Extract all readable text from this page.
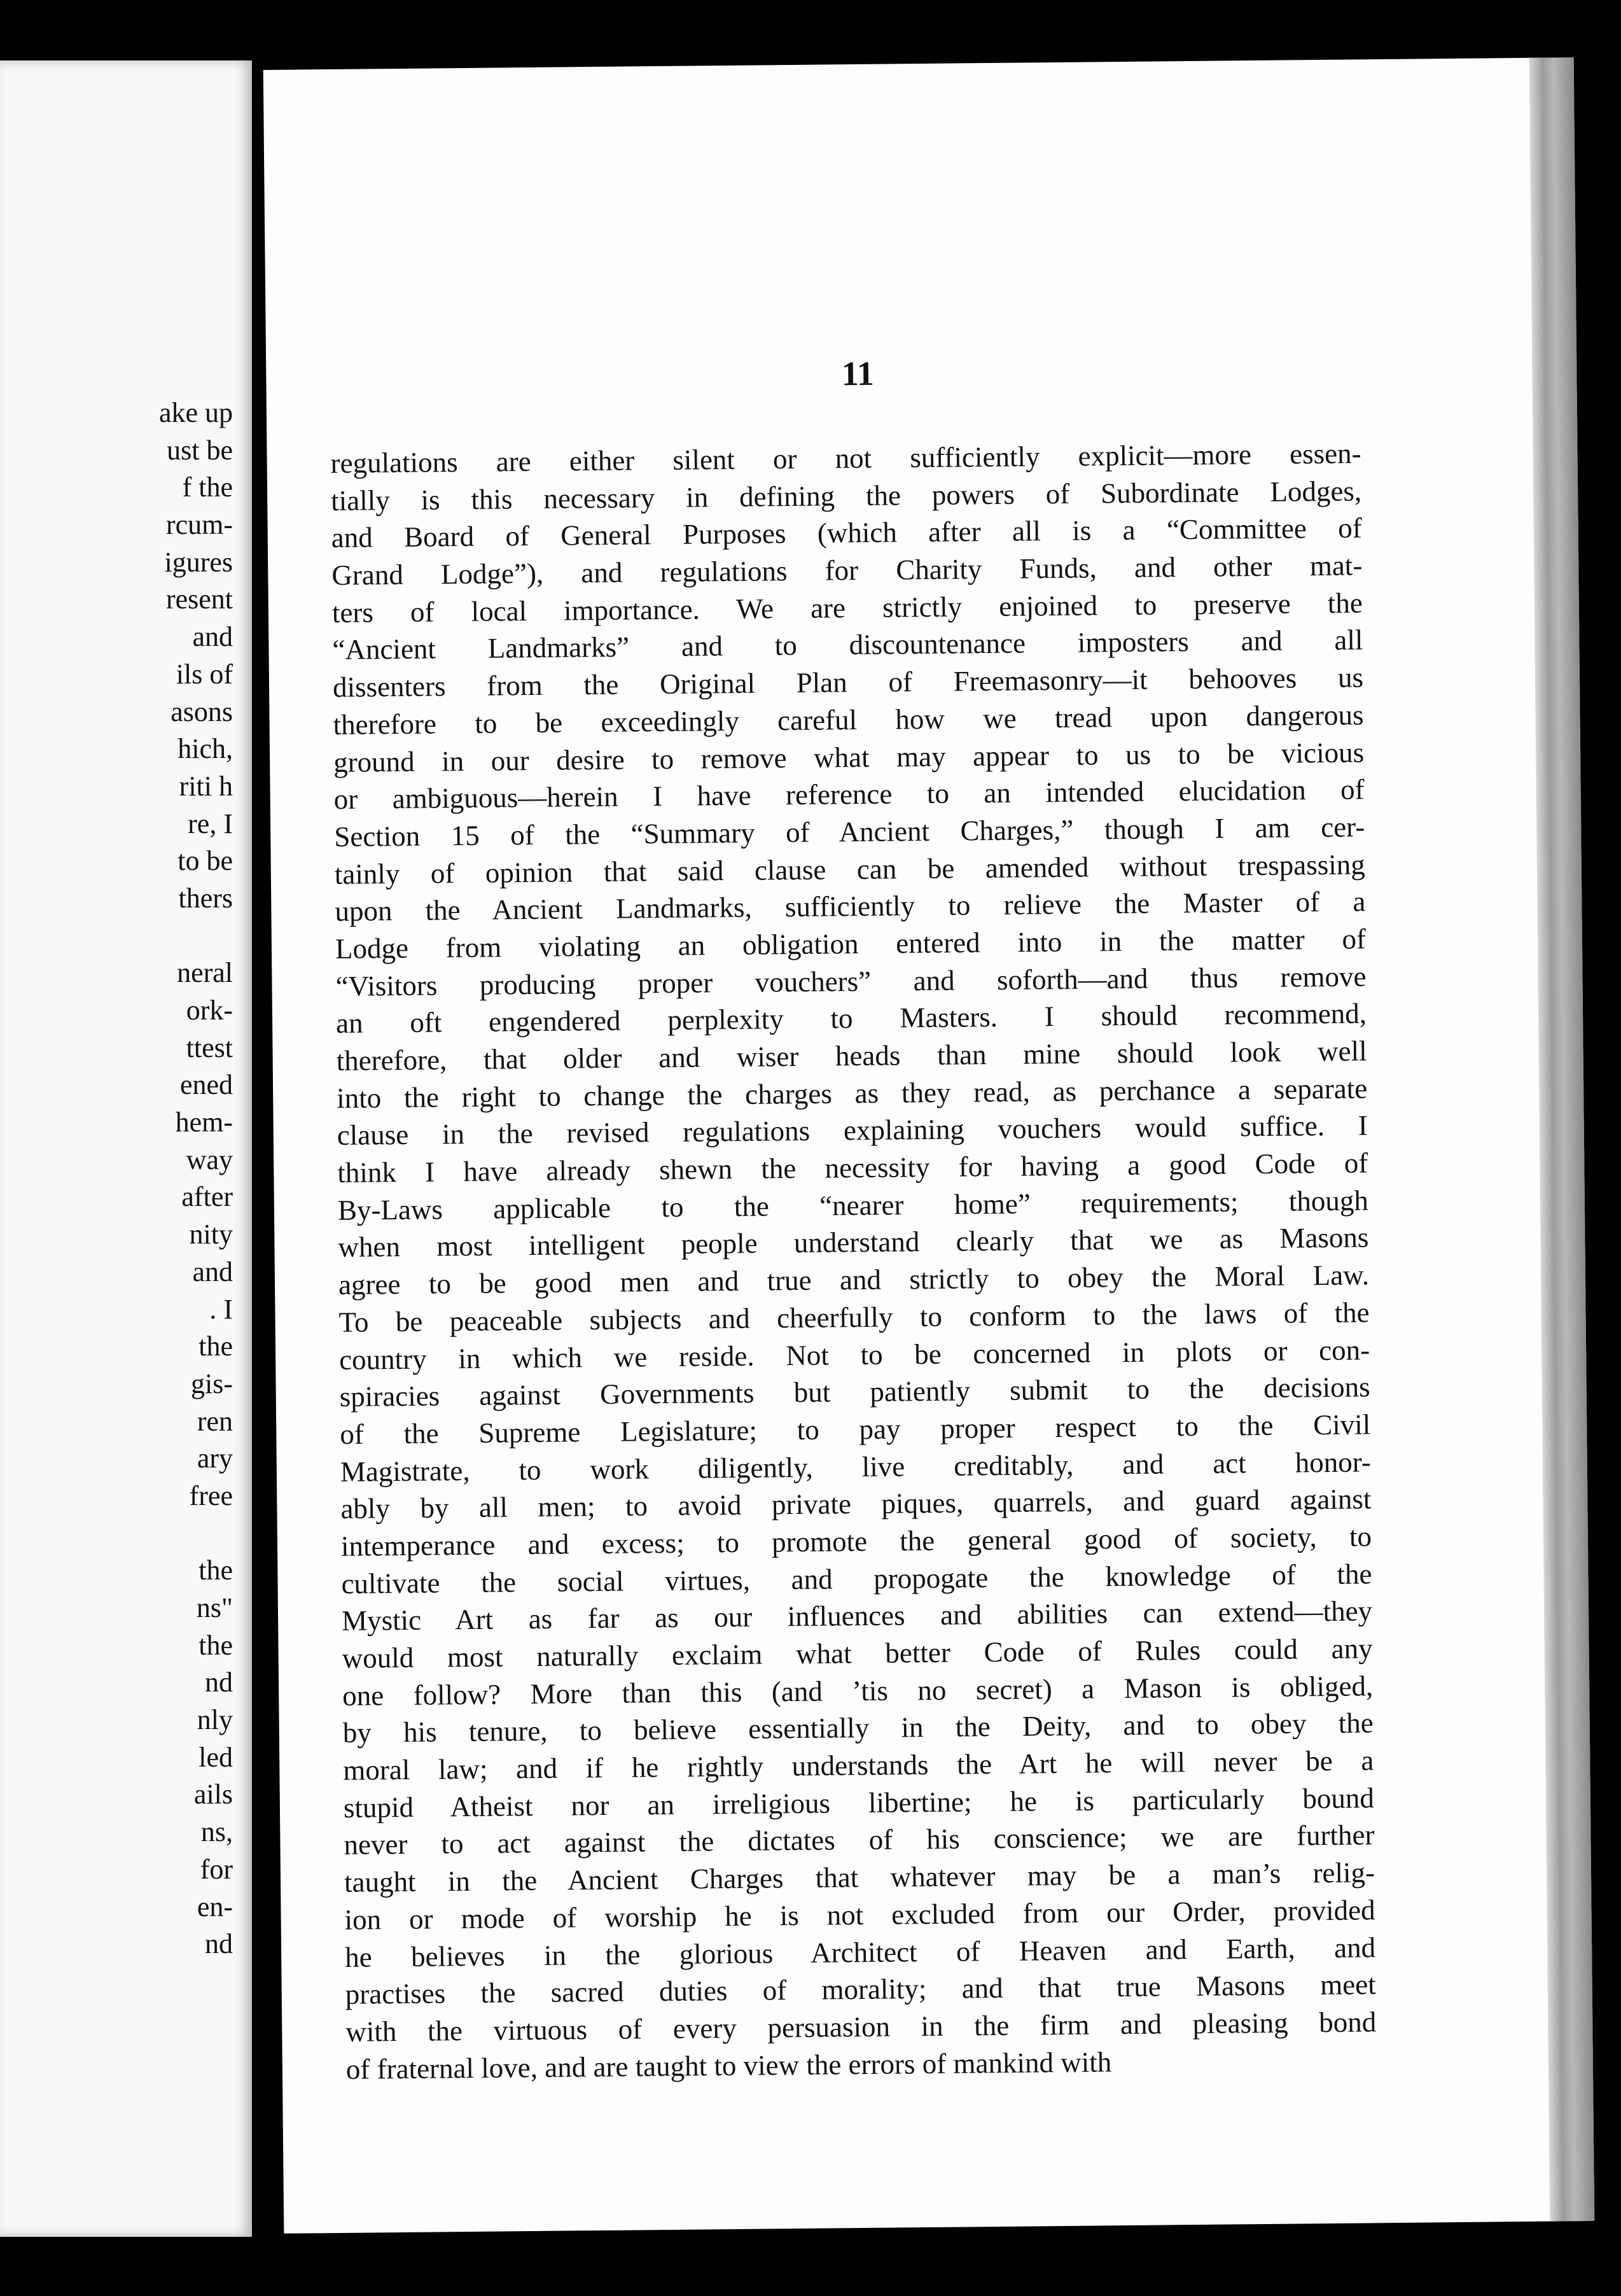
ake up
ust be
f the
rcum-
igures
resent
and
ils of
asons
hich,
riti h
re, I
to be
thers
neral
ork-
ttest
ened
hem-
way
after
nity
and
. I
the
gis-
ren
ary
free
the
ns"
the
nd
nly
led
ails
ns,
for
en-
nd
11
regulations are either silent or not sufficiently explicit—more essen-
tially is this necessary in defining the powers of Subordinate Lodges,
and Board of General Purposes (which after all is a “Committee of
Grand Lodge”), and regulations for Charity Funds, and other mat-
ters of local importance. We are strictly enjoined to preserve the
“Ancient Landmarks” and to discountenance imposters and all
dissenters from the Original Plan of Freemasonry—it behooves us
therefore to be exceedingly careful how we tread upon dangerous
ground in our desire to remove what may appear to us to be vicious
or ambiguous—herein I have reference to an intended elucidation of
Section 15 of the “Summary of Ancient Charges,” though I am cer-
tainly of opinion that said clause can be amended without trespassing
upon the Ancient Landmarks, sufficiently to relieve the Master of a
Lodge from violating an obligation entered into in the matter of
“Visitors producing proper vouchers” and soforth—and thus remove
an oft engendered perplexity to Masters. I should recommend,
therefore, that older and wiser heads than mine should look well
into the right to change the charges as they read, as perchance a separate
clause in the revised regulations explaining vouchers would suffice. I
think I have already shewn the necessity for having a good Code of
By-Laws applicable to the “nearer home” requirements; though
when most intelligent people understand clearly that we as Masons
agree to be good men and true and strictly to obey the Moral Law.
To be peaceable subjects and cheerfully to conform to the laws of the
country in which we reside. Not to be concerned in plots or con-
spiracies against Governments but patiently submit to the decisions
of the Supreme Legislature; to pay proper respect to the Civil
Magistrate, to work diligently, live creditably, and act honor-
ably by all men; to avoid private piques, quarrels, and guard against
intemperance and excess; to promote the general good of society, to
cultivate the social virtues, and propogate the knowledge of the
Mystic Art as far as our influences and abilities can extend—they
would most naturally exclaim what better Code of Rules could any
one follow? More than this (and ’tis no secret) a Mason is obliged,
by his tenure, to believe essentially in the Deity, and to obey the
moral law; and if he rightly understands the Art he will never be a
stupid Atheist nor an irreligious libertine; he is particularly bound
never to act against the dictates of his conscience; we are further
taught in the Ancient Charges that whatever may be a man’s relig-
ion or mode of worship he is not excluded from our Order, provided
he believes in the glorious Architect of Heaven and Earth, and
practises the sacred duties of morality; and that true Masons meet
with the virtuous of every persuasion in the firm and pleasing bond
of fraternal love, and are taught to view the errors of mankind with
